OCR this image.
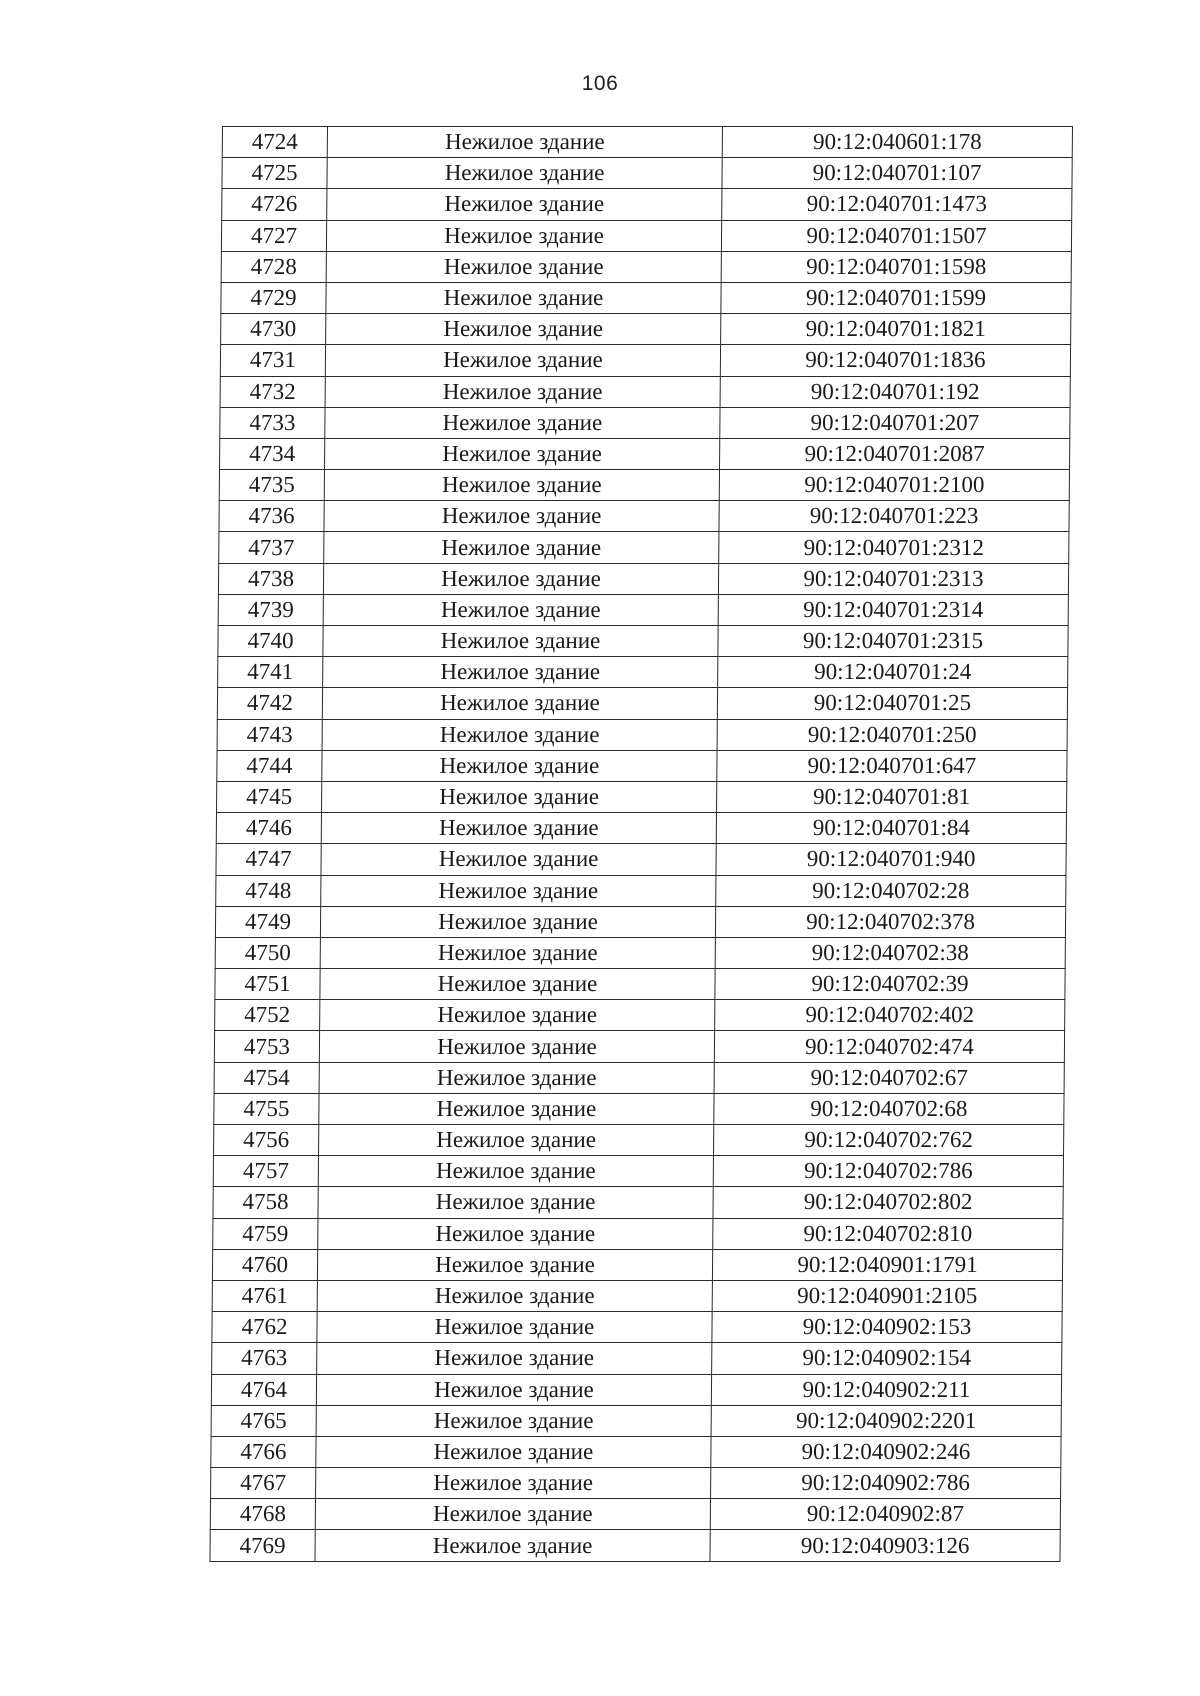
106
4724	Нежилое здание	90:12:040601:178
4725	Нежилое здание	90:12:040701:107
4726	Нежилое здание	90:12:040701:1473
4727	Нежилое здание	90:12:040701:1507
4728	Нежилое здание	90:12:040701:1598
4729	Нежилое здание	90:12:040701:1599
4730	Нежилое здание	90:12:040701:1821
4731	Нежилое здание	90:12:040701:1836
4732	Нежилое здание	90:12:040701:192
4733	Нежилое здание	90:12:040701:207
4734	Нежилое здание	90:12:040701:2087
4735	Нежилое здание	90:12:040701:2100
4736	Нежилое здание	90:12:040701:223
4737	Нежилое здание	90:12:040701:2312
4738	Нежилое здание	90:12:040701:2313
4739	Нежилое здание	90:12:040701:2314
4740	Нежилое здание	90:12:040701:2315
4741	Нежилое здание	90:12:040701:24
4742	Нежилое здание	90:12:040701:25
4743	Нежилое здание	90:12:040701:250
4744	Нежилое здание	90:12:040701:647
4745	Нежилое здание	90:12:040701:81
4746	Нежилое здание	90:12:040701:84
4747	Нежилое здание	90:12:040701:940
4748	Нежилое здание	90:12:040702:28
4749	Нежилое здание	90:12:040702:378
4750	Нежилое здание	90:12:040702:38
4751	Нежилое здание	90:12:040702:39
4752	Нежилое здание	90:12:040702:402
4753	Нежилое здание	90:12:040702:474
4754	Нежилое здание	90:12:040702:67
4755	Нежилое здание	90:12:040702:68
4756	Нежилое здание	90:12:040702:762
4757	Нежилое здание	90:12:040702:786
4758	Нежилое здание	90:12:040702:802
4759	Нежилое здание	90:12:040702:810
4760	Нежилое здание	90:12:040901:1791
4761	Нежилое здание	90:12:040901:2105
4762	Нежилое здание	90:12:040902:153
4763	Нежилое здание	90:12:040902:154
4764	Нежилое здание	90:12:040902:211
4765	Нежилое здание	90:12:040902:2201
4766	Нежилое здание	90:12:040902:246
4767	Нежилое здание	90:12:040902:786
4768	Нежилое здание	90:12:040902:87
4769	Нежилое здание	90:12:040903:126
